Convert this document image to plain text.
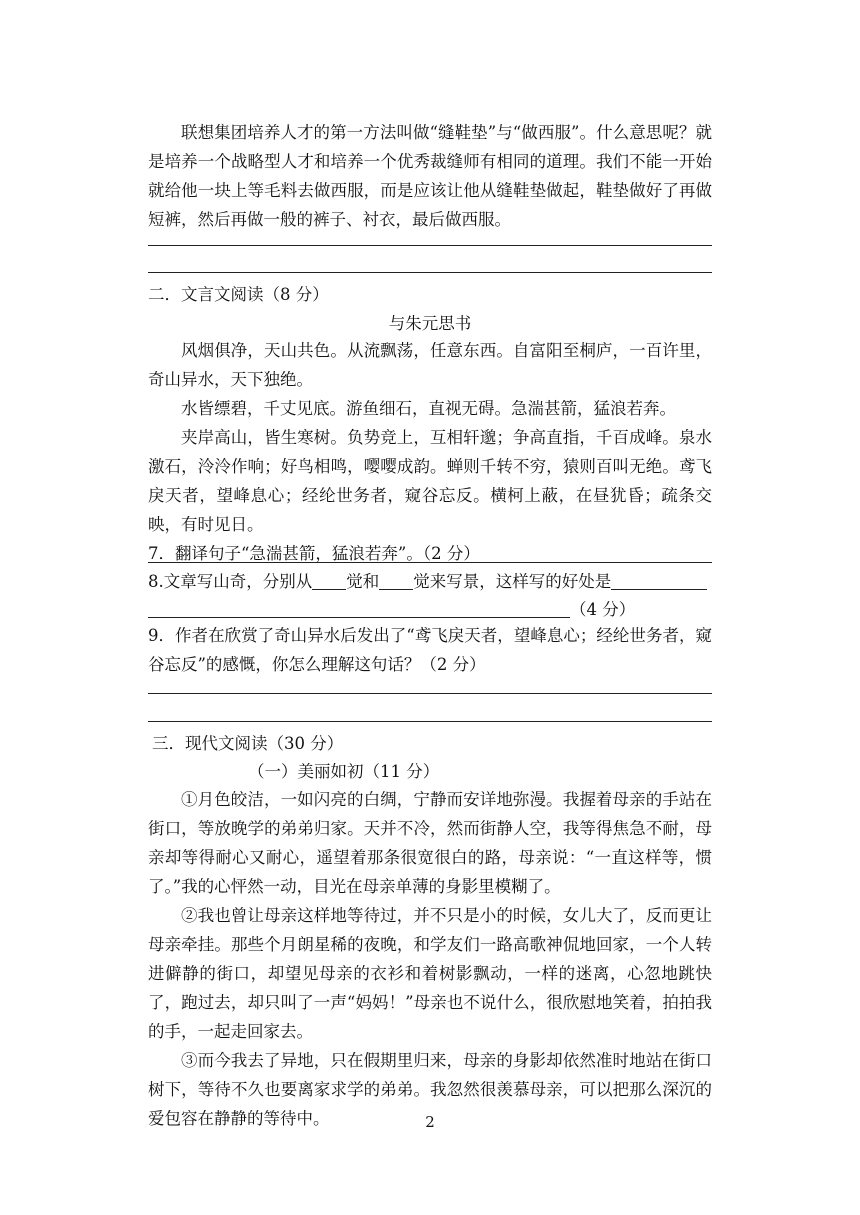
联想集团培养人才的第一方法叫做“缝鞋垫”与“做西服”。什么意思呢？就是培养一个战略型人才和培养一个优秀裁缝师有相同的道理。我们不能一开始就给他一块上等毛料去做西服，而是应该让他从缝鞋垫做起，鞋垫做好了再做短裤，然后再做一般的裤子、衬衣，最后做西服。

二．文言文阅读（8 分）

与朱元思书

风烟俱净，天山共色。从流飘荡，任意东西。自富阳至桐庐，一百许里，奇山异水，天下独绝。

水皆缥碧，千丈见底。游鱼细石，直视无碍。急湍甚箭，猛浪若奔。

夹岸高山，皆生寒树。负势竞上，互相轩邈；争高直指，千百成峰。泉水激石，泠泠作响；好鸟相鸣，嘤嘤成韵。蝉则千转不穷，猿则百叫无绝。鸢飞戾天者，望峰息心；经纶世务者，窥谷忘反。横柯上蔽，在昼犹昏；疏条交映，有时见日。

7．翻译句子“急湍甚箭，猛浪若奔”。（2 分）

8.文章写山奇，分别从 觉和 觉来写景，这样写的好处是

（4 分）

9．作者在欣赏了奇山异水后发出了“鸢飞戾天者，望峰息心；经纶世务者，窥谷忘反”的感慨，你怎么理解这句话？（2 分）

三．现代文阅读（30 分）

（一）美丽如初（11 分）

①月色皎洁，一如闪亮的白绸，宁静而安详地弥漫。我握着母亲的手站在街口，等放晚学的弟弟归家。天并不冷，然而街静人空，我等得焦急不耐，母亲却等得耐心又耐心，遥望着那条很宽很白的路，母亲说：“一直这样等，惯了。”我的心怦然一动，目光在母亲单薄的身影里模糊了。

②我也曾让母亲这样地等待过，并不只是小的时候，女儿大了，反而更让母亲牵挂。那些个月朗星稀的夜晚，和学友们一路高歌神侃地回家，一个人转进僻静的街口，却望见母亲的衣衫和着树影飘动，一样的迷离，心忽地跳快了，跑过去，却只叫了一声“妈妈！”母亲也不说什么，很欣慰地笑着，拍拍我的手，一起走回家去。

③而今我去了异地，只在假期里归来，母亲的身影却依然准时地站在街口树下，等待不久也要离家求学的弟弟。我忽然很羡慕母亲，可以把那么深沉的爱包容在静静的等待中。	2
